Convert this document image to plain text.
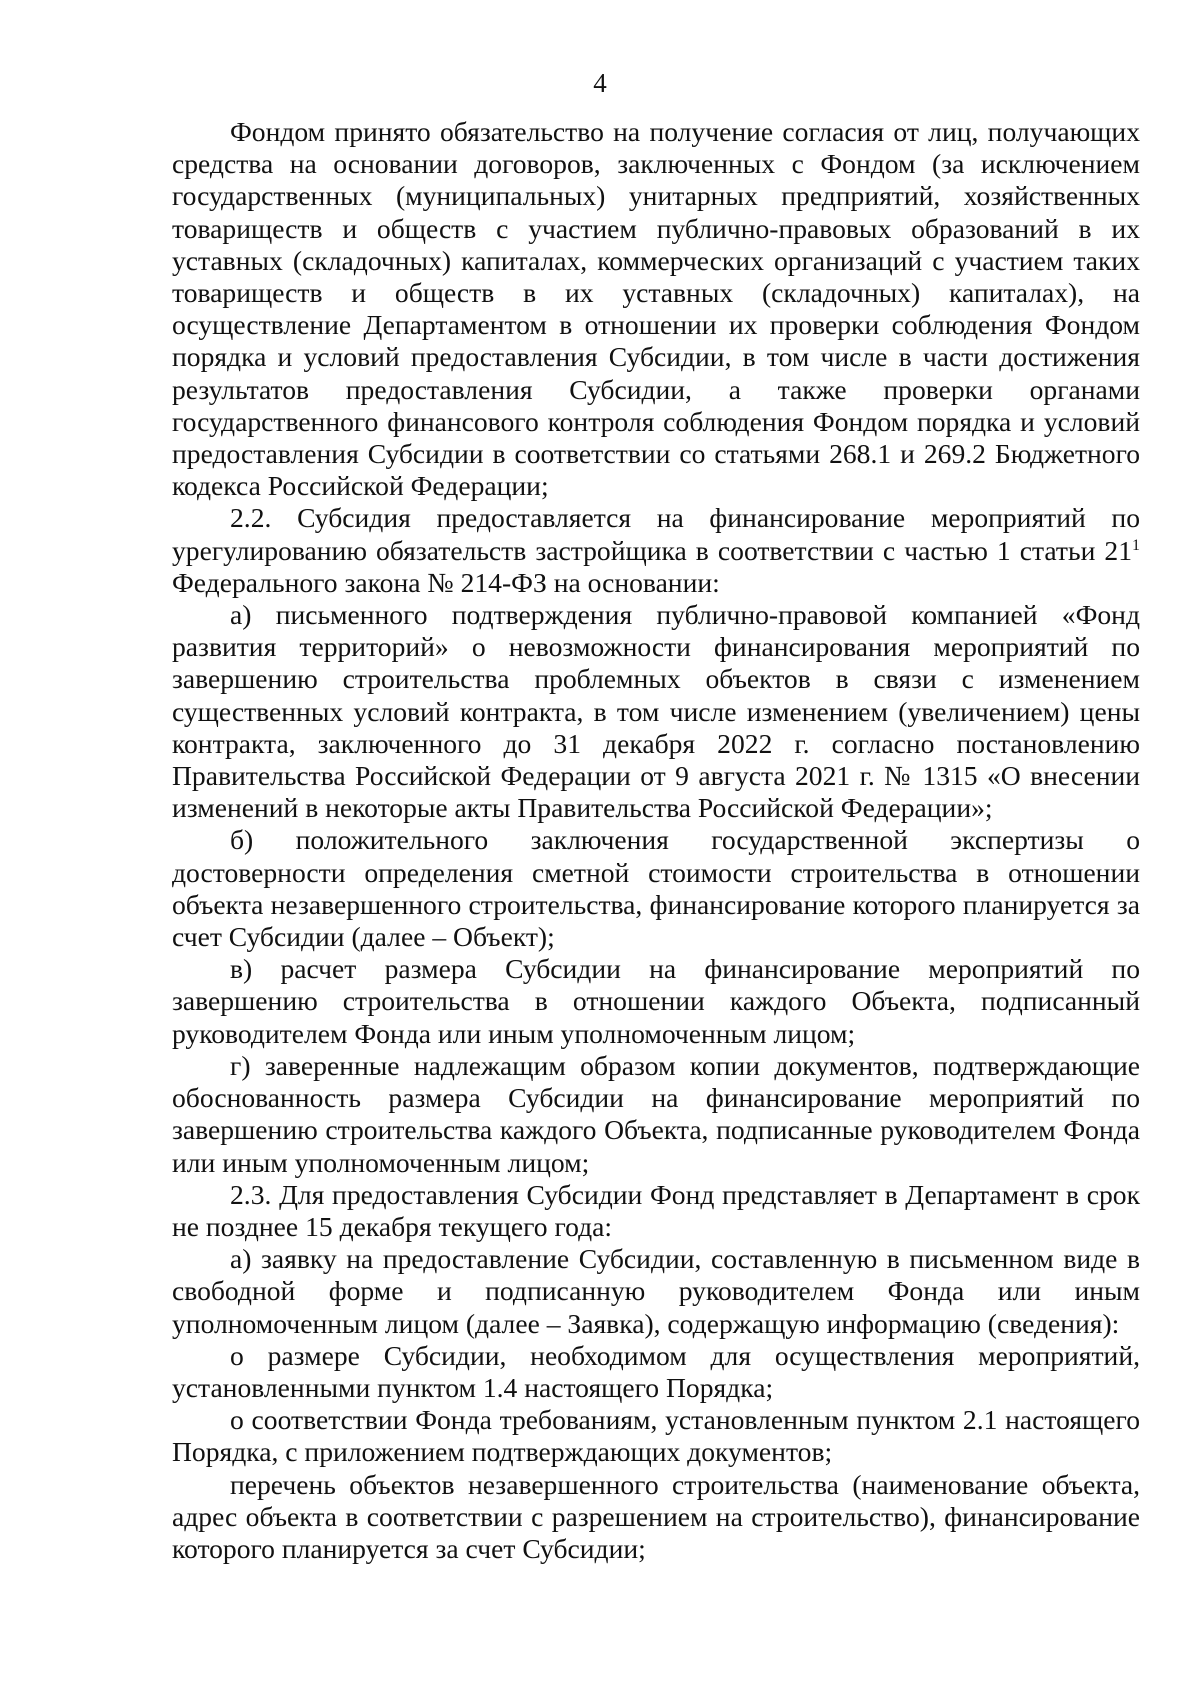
4

Фондом принято обязательство на получение согласия от лиц, получающих средства на основании договоров, заключенных с Фондом (за исключением государственных (муниципальных) унитарных предприятий, хозяйственных товариществ и обществ с участием публично-правовых образований в их уставных (складочных) капиталах, коммерческих организаций с участием таких товариществ и обществ в их уставных (складочных) капиталах), на осуществление Департаментом в отношении их проверки соблюдения Фондом порядка и условий предоставления Субсидии, в том числе в части достижения результатов предоставления Субсидии, а также проверки органами государственного финансового контроля соблюдения Фондом порядка и условий предоставления Субсидии в соответствии со статьями 268.1 и 269.2 Бюджетного кодекса Российской Федерации;

2.2. Субсидия предоставляется на финансирование мероприятий по урегулированию обязательств застройщика в соответствии с частью 1 статьи $21^1$

Федерального закона № 214-ФЗ на основании:

а) письменного подтверждения публично-правовой компанией «Фонд развития территорий» о невозможности финансирования мероприятий по завершению строительства проблемных объектов в связи с изменением существенных условий контракта, в том числе изменением (увеличением) цены контракта, заключенного до 31 декабря 2022 г. согласно постановлению Правительства Российской Федерации от 9 августа 2021 г. № 1315 «О внесении изменений в некоторые акты Правительства Российской Федерации»;

б) положительного заключения государственной экспертизы о достоверности определения сметной стоимости строительства в отношении объекта незавершенного строительства, финансирование которого планируется за счет Субсидии (далее – Объект);

в) расчет размера Субсидии на финансирование мероприятий по завершению строительства в отношении каждого Объекта, подписанный руководителем Фонда или иным уполномоченным лицом;

г) заверенные надлежащим образом копии документов, подтверждающие обоснованность размера Субсидии на финансирование мероприятий по завершению строительства каждого Объекта, подписанные руководителем Фонда или иным уполномоченным лицом;

2.3. Для предоставления Субсидии Фонд представляет в Департамент в срок не позднее 15 декабря текущего года:

а) заявку на предоставление Субсидии, составленную в письменном виде в свободной форме и подписанную руководителем Фонда или иным уполномоченным лицом (далее – Заявка), содержащую информацию (сведения):

о размере Субсидии, необходимом для осуществления мероприятий, установленными пунктом 1.4 настоящего Порядка;

о соответствии Фонда требованиям, установленным пунктом 2.1 настоящего Порядка, с приложением подтверждающих документов;

перечень объектов незавершенного строительства (наименование объекта, адрес объекта в соответствии с разрешением на строительство), финансирование которого планируется за счет Субсидии;
